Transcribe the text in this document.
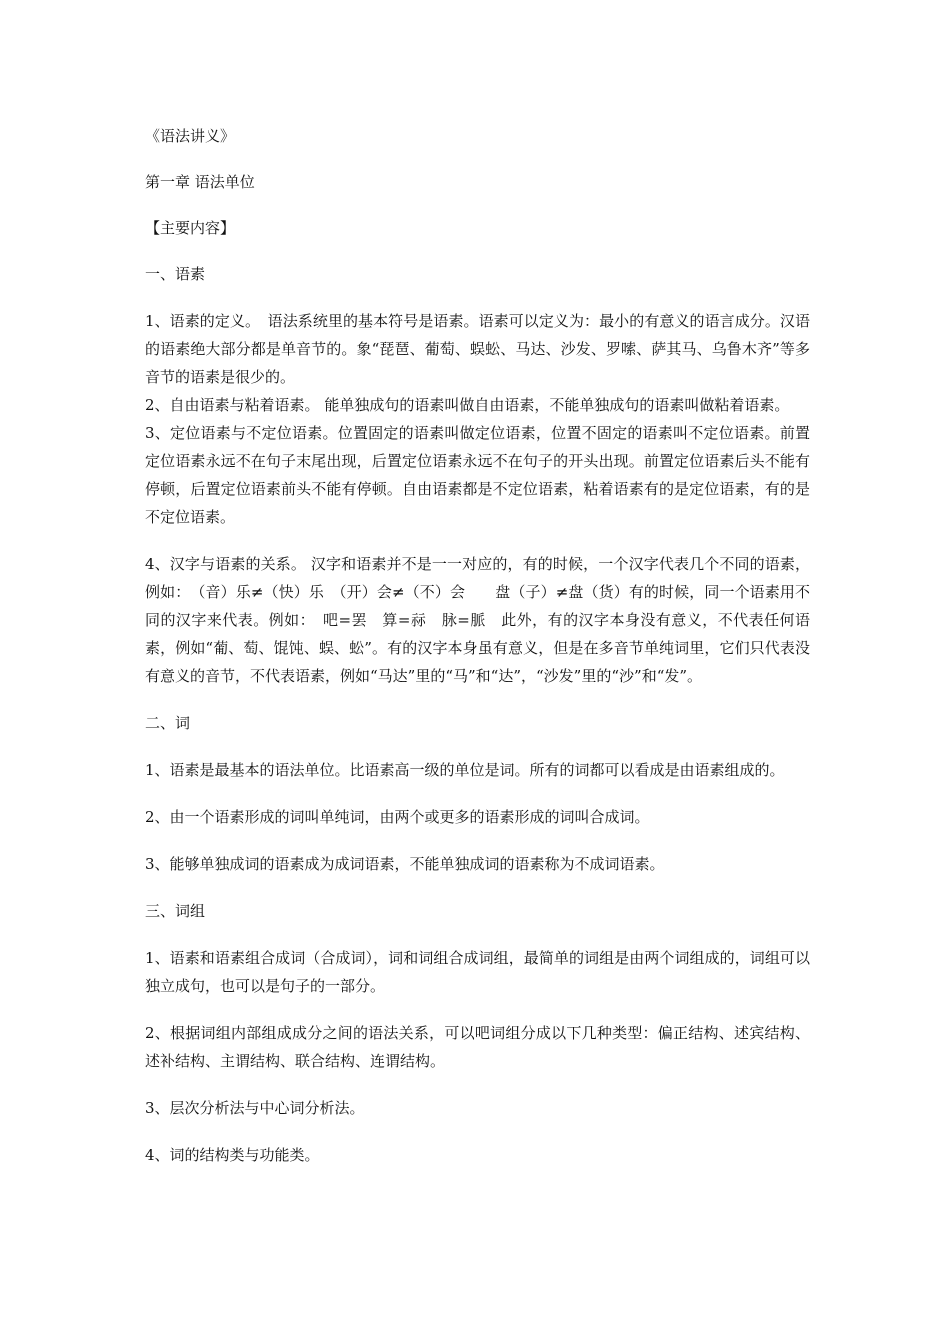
《语法讲义》
第一章 语法单位
【主要内容】
一、语素

1、语素的定义。　语法系统里的基本符号是语素。语素可以定义为：最小的有意义的语言成分。汉语的语素绝大部分都是单音节的。象“琵琶、葡萄、蜈蚣、马达、沙发、罗嗦、萨其马、乌鲁木齐”等多音节的语素是很少的。

2、自由语素与粘着语素。 能单独成句的语素叫做自由语素，不能单独成句的语素叫做粘着语素。

3、定位语素与不定位语素。位置固定的语素叫做定位语素，位置不固定的语素叫不定位语素。前置定位语素永远不在句子末尾出现，后置定位语素永远不在句子的开头出现。前置定位语素后头不能有停顿，后置定位语素前头不能有停顿。自由语素都是不定位语素，粘着语素有的是定位语素，有的是不定位语素。

4、汉字与语素的关系。 汉字和语素并不是一一对应的，有的时候，一个汉字代表几个不同的语素，例如：　（音）乐≠（快）乐　（开）会≠（不）会　　盘（子）≠盘（货）有的时候，同一个语素用不同的汉字来代表。例如：　吧=罢　算=祘　脉=脈　此外，有的汉字本身没有意义，不代表任何语素，例如“葡、萄、馄饨、蜈、蚣”。有的汉字本身虽有意义，但是在多音节单纯词里，它们只代表没有意义的音节，不代表语素，例如“马达”里的“马”和“达”，“沙发”里的“沙”和“发”。

二、词

1、语素是最基本的语法单位。比语素高一级的单位是词。所有的词都可以看成是由语素组成的。

2、由一个语素形成的词叫单纯词，由两个或更多的语素形成的词叫合成词。

3、能够单独成词的语素成为成词语素，不能单独成词的语素称为不成词语素。

三、词组

1、语素和语素组合成词（合成词），词和词组合成词组，最简单的词组是由两个词组成的，词组可以独立成句，也可以是句子的一部分。

2、根据词组内部组成成分之间的语法关系，可以吧词组分成以下几种类型：偏正结构、述宾结构、述补结构、主谓结构、联合结构、连谓结构。

3、层次分析法与中心词分析法。

4、词的结构类与功能类。
